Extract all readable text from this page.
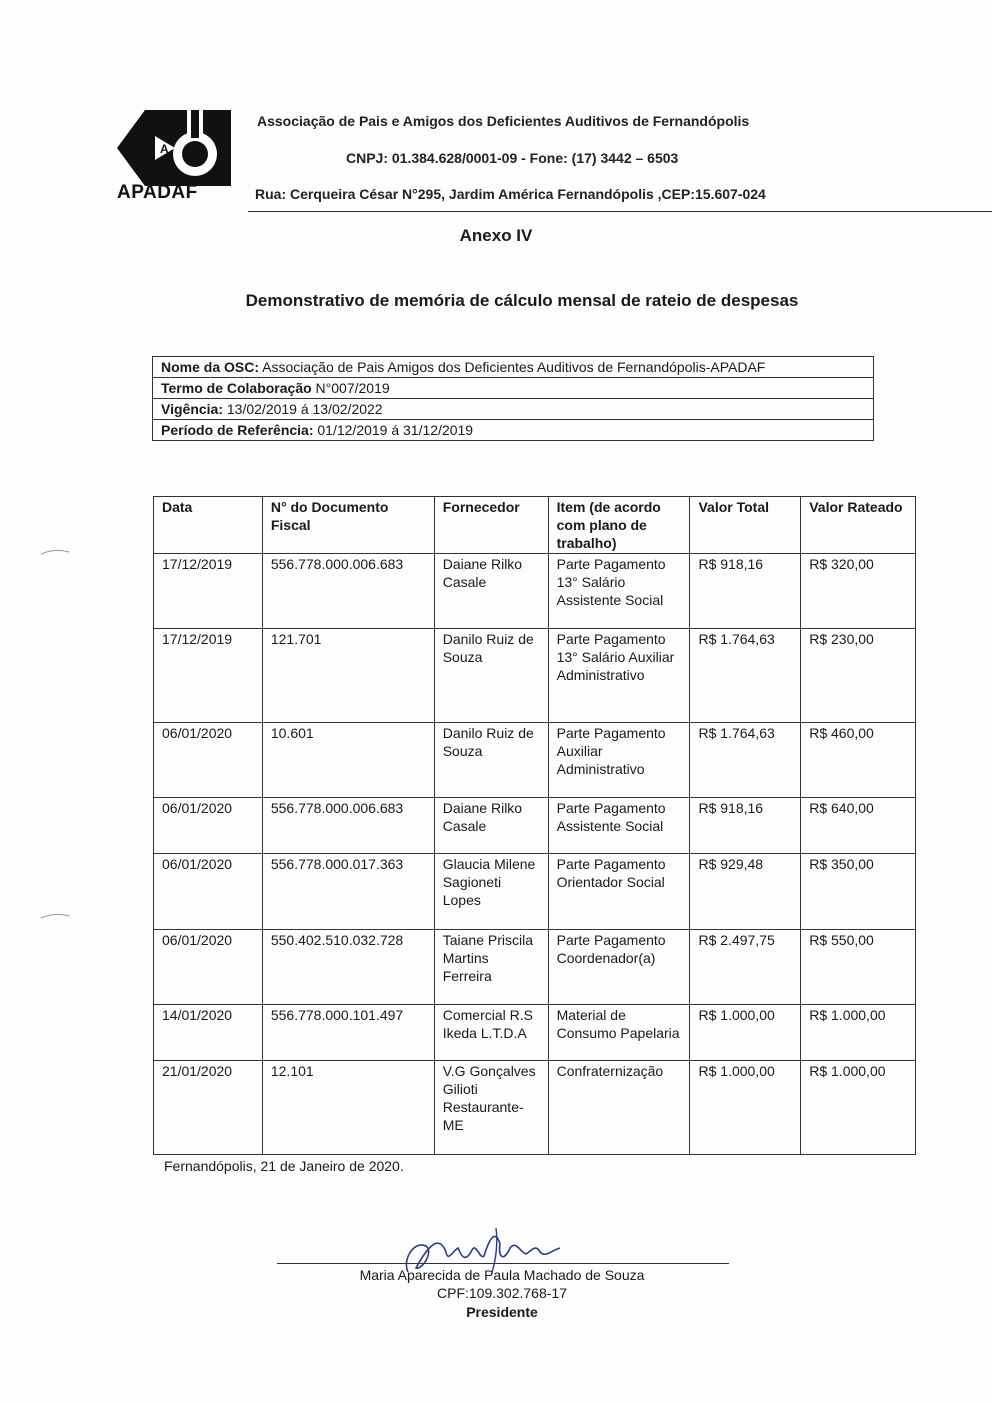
A
APADAF
Associação de Pais e Amigos dos Deficientes Auditivos de Fernandópolis
CNPJ: 01.384.628/0001-09 - Fone: (17) 3442 – 6503
Rua: Cerqueira César N°295, Jardim América Fernandópolis ,CEP:15.607-024
Anexo IV
Demonstrativo de memória de cálculo mensal de rateio de despesas
Nome da OSC: Associação de Pais Amigos dos Deficientes Auditivos de Fernandópolis-APADAF
Termo de Colaboração N°007/2019
Vigência: 13/02/2019 á 13/02/2022
Período de Referência: 01/12/2019 á 31/12/2019
Data	N° do Documento Fiscal	Fornecedor	Item (de acordo com plano de trabalho)	Valor Total	Valor Rateado
17/12/2019	556.778.000.006.683	Daiane Rilko Casale	Parte Pagamento 13° Salário Assistente Social	R$ 918,16	R$ 320,00
17/12/2019	121.701	Danilo Ruiz de Souza	Parte Pagamento 13° Salário Auxiliar Administrativo	R$ 1.764,63	R$ 230,00
06/01/2020	10.601	Danilo Ruiz de Souza	Parte Pagamento Auxiliar Administrativo	R$ 1.764,63	R$ 460,00
06/01/2020	556.778.000.006.683	Daiane Rilko Casale	Parte Pagamento Assistente Social	R$ 918,16	R$ 640,00
06/01/2020	556.778.000.017.363	Glaucia Milene Sagioneti Lopes	Parte Pagamento Orientador Social	R$ 929,48	R$ 350,00
06/01/2020	550.402.510.032.728	Taiane Priscila Martins Ferreira	Parte Pagamento Coordenador(a)	R$ 2.497,75	R$ 550,00
14/01/2020	556.778.000.101.497	Comercial R.S Ikeda L.T.D.A	Material de Consumo Papelaria	R$ 1.000,00	R$ 1.000,00
21/01/2020	12.101	V.G Gonçalves Gilioti Restaurante-ME	Confraternização	R$ 1.000,00	R$ 1.000,00
Fernandópolis, 21 de Janeiro de 2020.
Maria Aparecida de Paula Machado de Souza
CPF:109.302.768-17
Presidente
